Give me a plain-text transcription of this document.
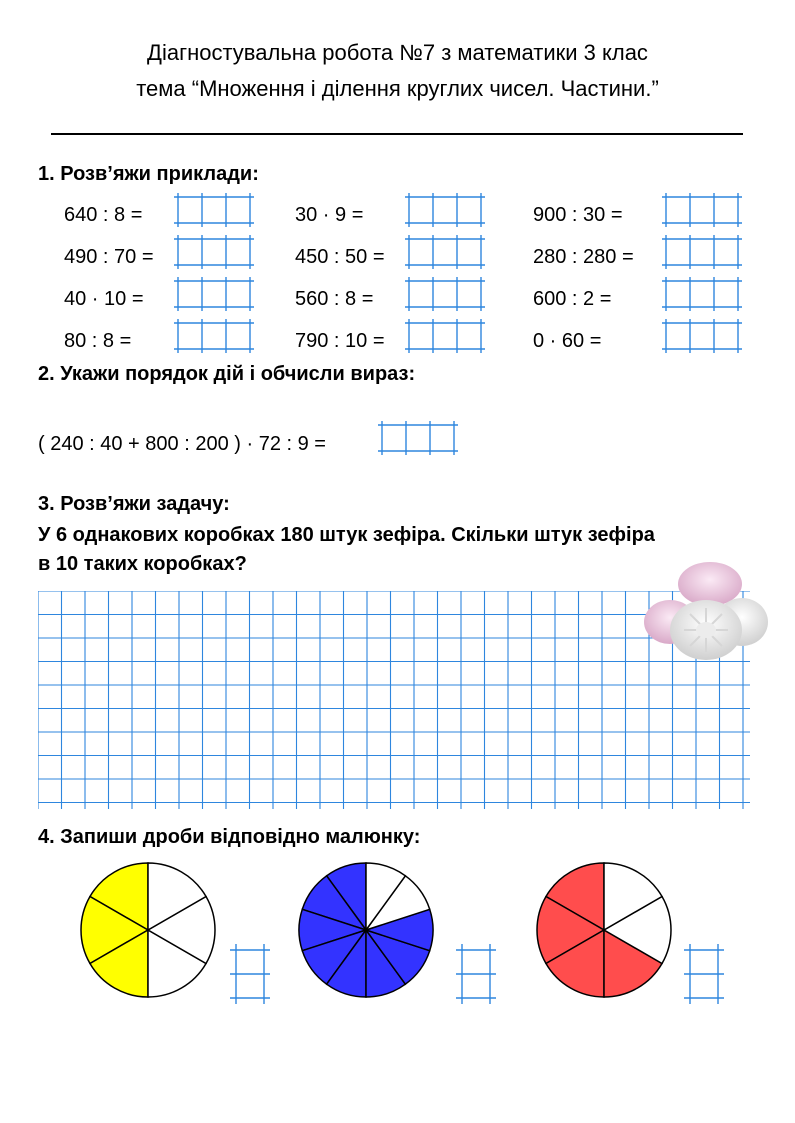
Діагностувальна робота №7 з математики 3 клас
тема “Множення і ділення круглих чисел. Частини.”
1. Розв’яжи приклади:
640 : 8 =	30 · 9 =	900 : 30 =
490 : 70 =	450 : 50 =	280 : 280 =
40 · 10 =	560 : 8 =	600 : 2 =
80 : 8 =	790 : 10 =	0 · 60 =
2. Укажи порядок дій і обчисли вираз:
( 240 : 40 + 800 : 200 ) · 72 : 9 =
3. Розв’яжи задачу:
У 6 однакових коробках 180 штук зефіра. Скільки штук зефіра
в 10 таких коробках?
4. Запиши дроби відповідно малюнку:
